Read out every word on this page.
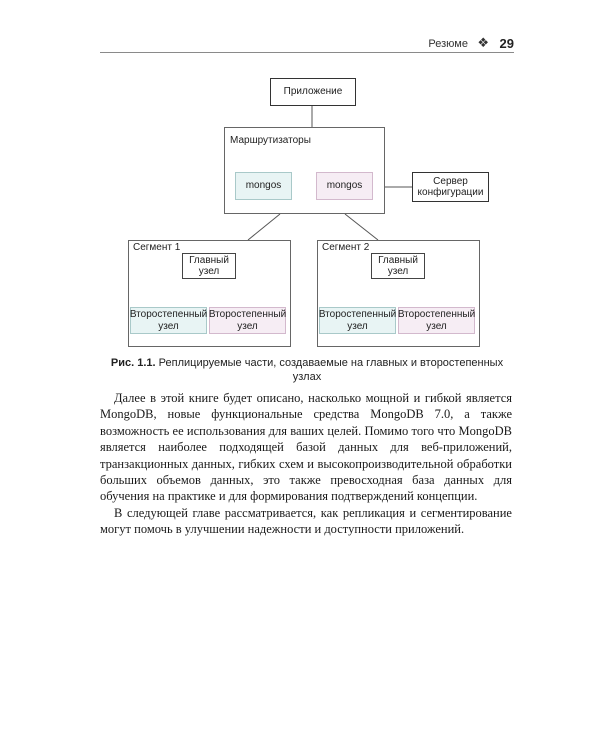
Резюме ❖ 29
Приложение
Маршрутизаторы
mongos	mongos	Сервер конфигурации
Сегмент 1
Главный узел
Второстепенный узел
Второстепенный узел
Сегмент 2
Главный узел
Второстепенный узел
Второстепенный узел
Рис. 1.1. Реплицируемые части, создаваемые на главных и второстепенных узлах

Далее в этой книге будет описано, насколько мощной и гибкой является MongoDB, новые функциональные средства MongoDB 7.0, а также возможность ее использования для ваших целей. Помимо того что MongoDB является наиболее подходящей базой данных для веб-приложений, транзакционных данных, гибких схем и высокопроизводительной обработки больших объемов данных, это также превосходная база данных для обучения на практике и для формирования подтверждений концепции.

В следующей главе рассматривается, как репликация и сегментирование могут помочь в улучшении надежности и доступности приложений.
